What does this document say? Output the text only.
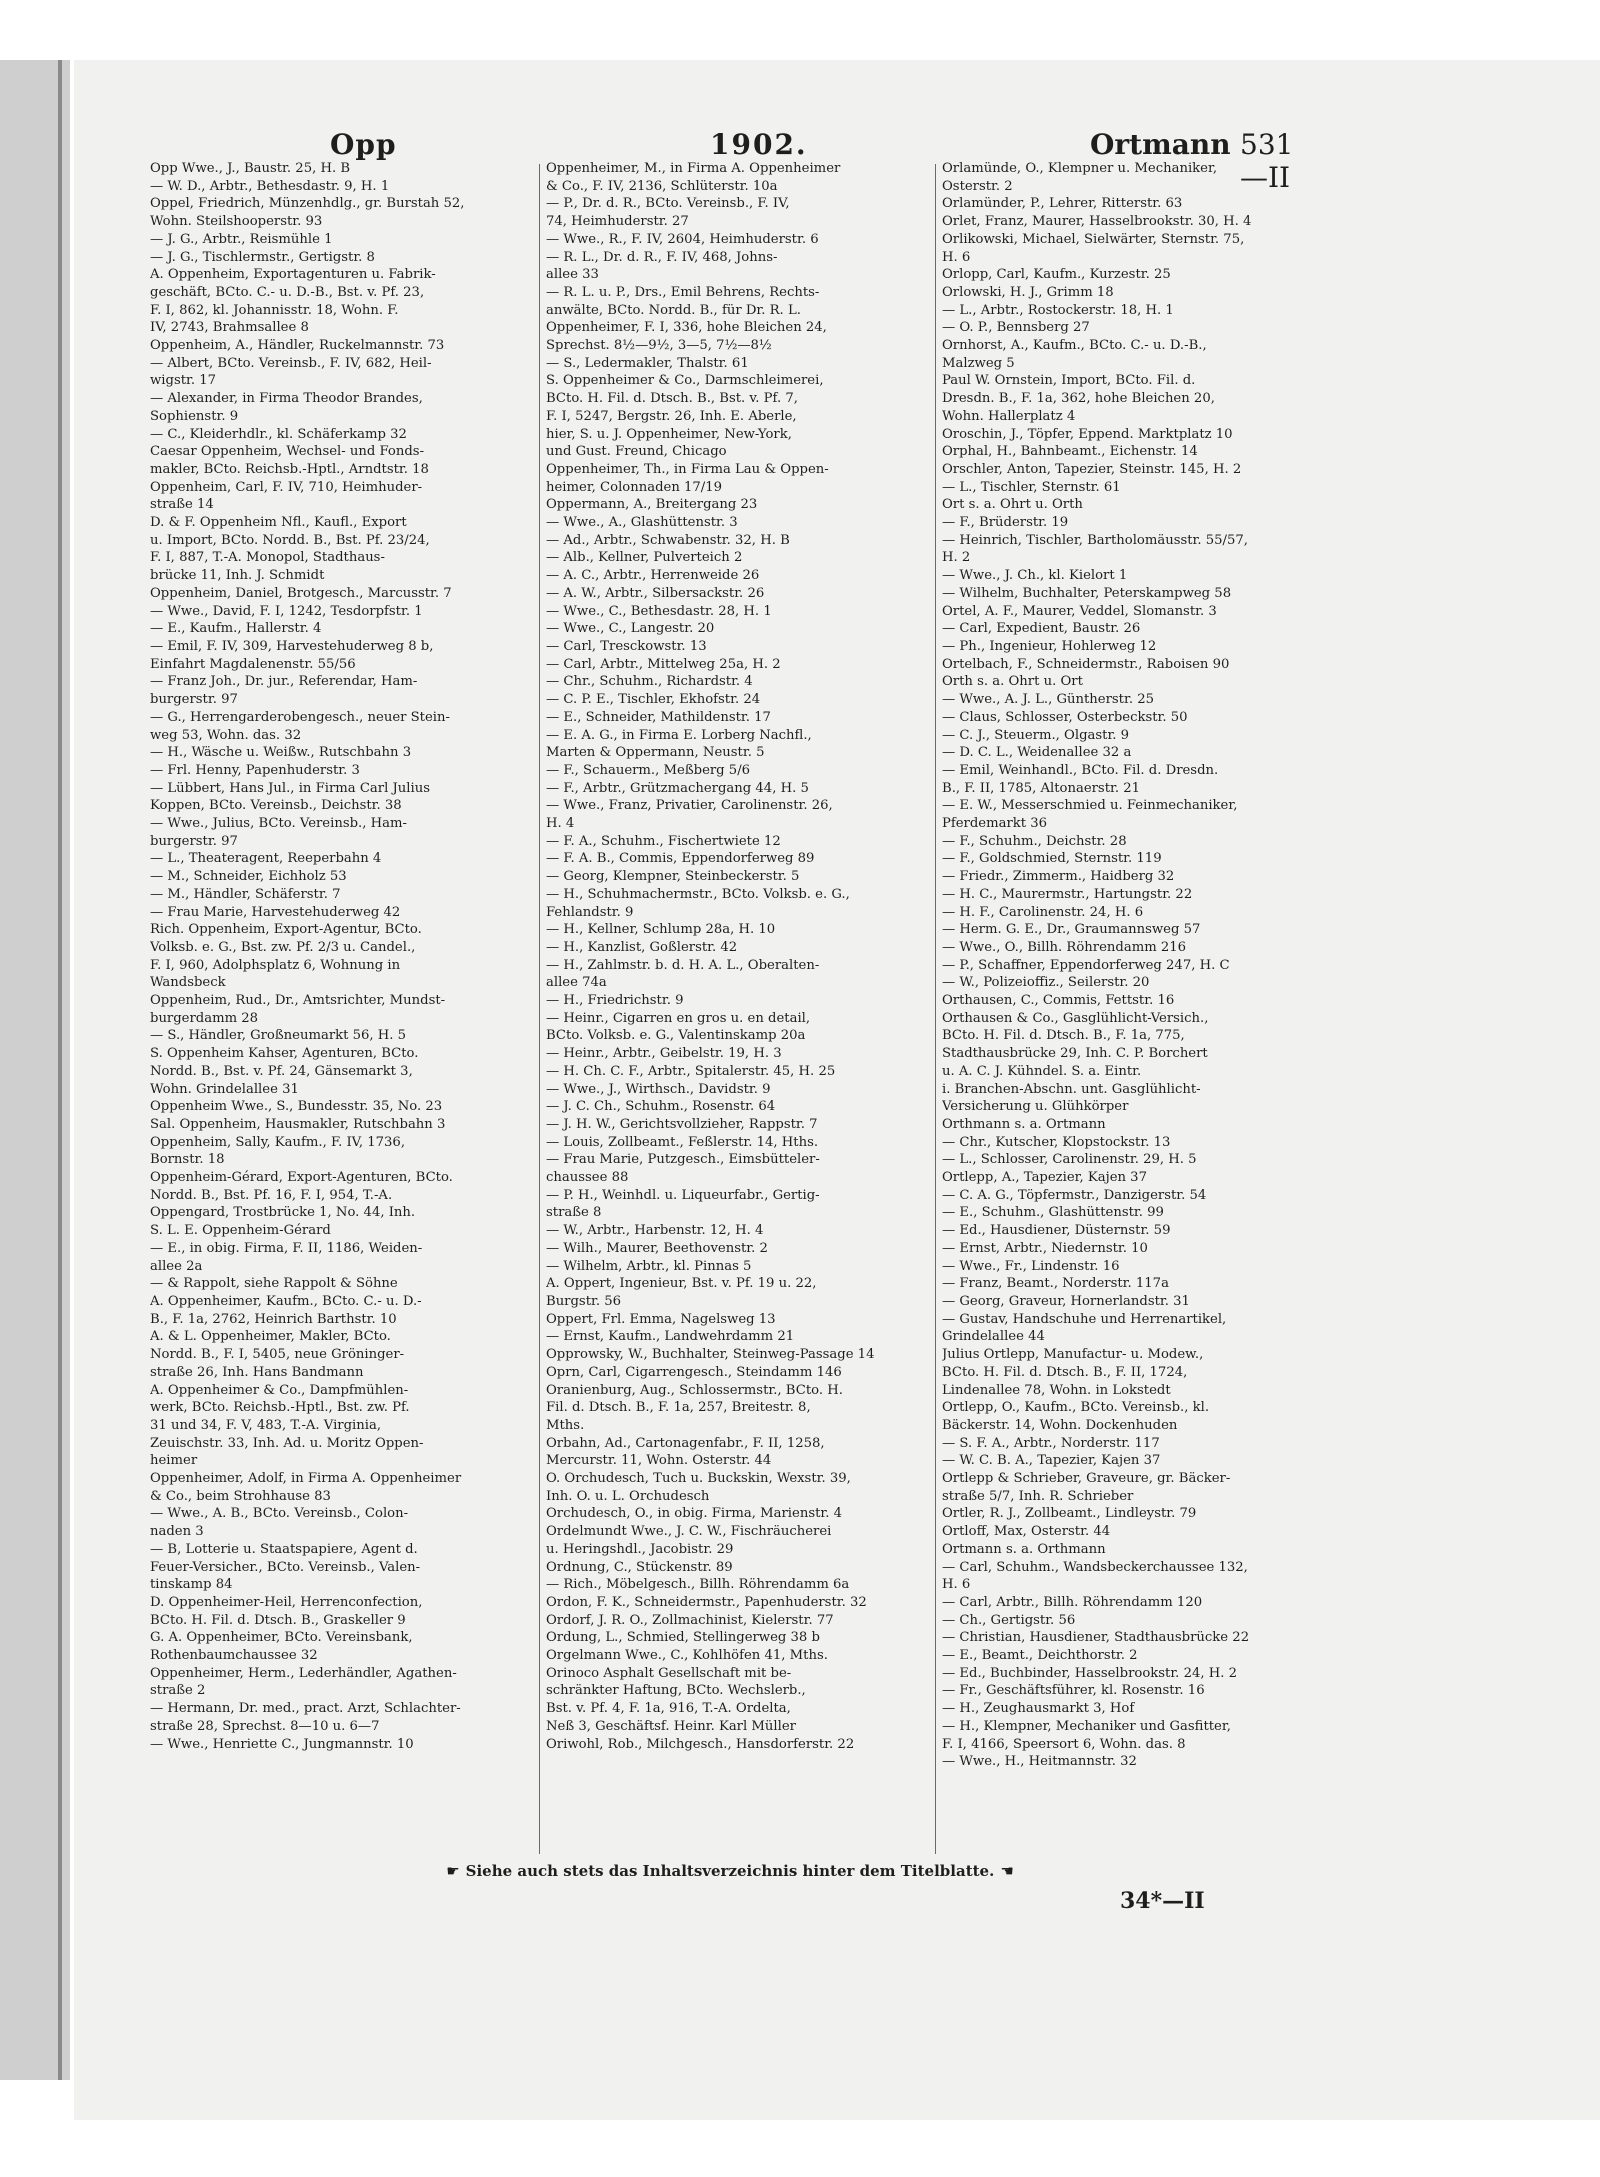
Opp	1902.	Ortmann 531—II
Opp Wwe., J., Baustr. 25, H. B
— W. D., Arbtr., Bethesdastr. 9, H. 1
Oppel, Friedrich, Münzenhdlg., gr. Burstah 52,
Wohn. Steilshooperstr. 93
— J. G., Arbtr., Reismühle 1
— J. G., Tischlermstr., Gertigstr. 8
A. Oppenheim, Exportagenturen u. Fabrik-
geschäft, BCto. C.- u. D.-B., Bst. v. Pf. 23,
F. I, 862, kl. Johannisstr. 18, Wohn. F.
IV, 2743, Brahmsallee 8
Oppenheim, A., Händler, Ruckelmannstr. 73
— Albert, BCto. Vereinsb., F. IV, 682, Heil-
wigstr. 17
— Alexander, in Firma Theodor Brandes,
Sophienstr. 9
— C., Kleiderhdlr., kl. Schäferkamp 32
Caesar Oppenheim, Wechsel- und Fonds-
makler, BCto. Reichsb.-Hptl., Arndtstr. 18
Oppenheim, Carl, F. IV, 710, Heimhuder-
straße 14
D. & F. Oppenheim Nfl., Kaufl., Export
u. Import, BCto. Nordd. B., Bst. Pf. 23/24,
F. I, 887, T.-A. Monopol, Stadthaus-
brücke 11, Inh. J. Schmidt
Oppenheim, Daniel, Brotgesch., Marcusstr. 7
— Wwe., David, F. I, 1242, Tesdorpfstr. 1
— E., Kaufm., Hallerstr. 4
— Emil, F. IV, 309, Harvestehuderweg 8 b,
Einfahrt Magdalenenstr. 55/56
— Franz Joh., Dr. jur., Referendar, Ham-
burgerstr. 97
— G., Herrengarderobengesch., neuer Stein-
weg 53, Wohn. das. 32
— H., Wäsche u. Weißw., Rutschbahn 3
— Frl. Henny, Papenhuderstr. 3
— Lübbert, Hans Jul., in Firma Carl Julius
Koppen, BCto. Vereinsb., Deichstr. 38
— Wwe., Julius, BCto. Vereinsb., Ham-
burgerstr. 97
— L., Theateragent, Reeperbahn 4
— M., Schneider, Eichholz 53
— M., Händler, Schäferstr. 7
— Frau Marie, Harvestehuderweg 42
Rich. Oppenheim, Export-Agentur, BCto.
Volksb. e. G., Bst. zw. Pf. 2/3 u. Candel.,
F. I, 960, Adolphsplatz 6, Wohnung in
Wandsbeck
Oppenheim, Rud., Dr., Amtsrichter, Mundst-
burgerdamm 28
— S., Händler, Großneumarkt 56, H. 5
S. Oppenheim Kahser, Agenturen, BCto.
Nordd. B., Bst. v. Pf. 24, Gänsemarkt 3,
Wohn. Grindelallee 31
Oppenheim Wwe., S., Bundesstr. 35, No. 23
Sal. Oppenheim, Hausmakler, Rutschbahn 3
Oppenheim, Sally, Kaufm., F. IV, 1736,
Bornstr. 18
Oppenheim-Gérard, Export-Agenturen, BCto.
Nordd. B., Bst. Pf. 16, F. I, 954, T.-A.
Oppengard, Trostbrücke 1, No. 44, Inh.
S. L. E. Oppenheim-Gérard
— E., in obig. Firma, F. II, 1186, Weiden-
allee 2a
— & Rappolt, siehe Rappolt & Söhne
A. Oppenheimer, Kaufm., BCto. C.- u. D.-
B., F. 1a, 2762, Heinrich Barthstr. 10
A. & L. Oppenheimer, Makler, BCto.
Nordd. B., F. I, 5405, neue Gröninger-
straße 26, Inh. Hans Bandmann
A. Oppenheimer & Co., Dampfmühlen-
werk, BCto. Reichsb.-Hptl., Bst. zw. Pf.
31 und 34, F. V, 483, T.-A. Virginia,
Zeuischstr. 33, Inh. Ad. u. Moritz Oppen-
heimer
Oppenheimer, Adolf, in Firma A. Oppenheimer
& Co., beim Strohhause 83
— Wwe., A. B., BCto. Vereinsb., Colon-
naden 3
— B, Lotterie u. Staatspapiere, Agent d.
Feuer-Versicher., BCto. Vereinsb., Valen-
tinskamp 84
D. Oppenheimer-Heil, Herrenconfection,
BCto. H. Fil. d. Dtsch. B., Graskeller 9
G. A. Oppenheimer, BCto. Vereinsbank,
Rothenbaumchaussee 32
Oppenheimer, Herm., Lederhändler, Agathen-
straße 2
— Hermann, Dr. med., pract. Arzt, Schlachter-
straße 28, Sprechst. 8—10 u. 6—7
— Wwe., Henriette C., Jungmannstr. 10
Oppenheimer, M., in Firma A. Oppenheimer
& Co., F. IV, 2136, Schlüterstr. 10a
— P., Dr. d. R., BCto. Vereinsb., F. IV,
74, Heimhuderstr. 27
— Wwe., R., F. IV, 2604, Heimhuderstr. 6
— R. L., Dr. d. R., F. IV, 468, Johns-
allee 33
— R. L. u. P., Drs., Emil Behrens, Rechts-
anwälte, BCto. Nordd. B., für Dr. R. L.
Oppenheimer, F. I, 336, hohe Bleichen 24,
Sprechst. 8½—9½, 3—5, 7½—8½
— S., Ledermakler, Thalstr. 61
S. Oppenheimer & Co., Darmschleimerei,
BCto. H. Fil. d. Dtsch. B., Bst. v. Pf. 7,
F. I, 5247, Bergstr. 26, Inh. E. Aberle,
hier, S. u. J. Oppenheimer, New-York,
und Gust. Freund, Chicago
Oppenheimer, Th., in Firma Lau & Oppen-
heimer, Colonnaden 17/19
Oppermann, A., Breitergang 23
— Wwe., A., Glashüttenstr. 3
— Ad., Arbtr., Schwabenstr. 32, H. B
— Alb., Kellner, Pulverteich 2
— A. C., Arbtr., Herrenweide 26
— A. W., Arbtr., Silbersackstr. 26
— Wwe., C., Bethesdastr. 28, H. 1
— Wwe., C., Langestr. 20
— Carl, Tresckowstr. 13
— Carl, Arbtr., Mittelweg 25a, H. 2
— Chr., Schuhm., Richardstr. 4
— C. P. E., Tischler, Ekhofstr. 24
— E., Schneider, Mathildenstr. 17
— E. A. G., in Firma E. Lorberg Nachfl.,
Marten & Oppermann, Neustr. 5
— F., Schauerm., Meßberg 5/6
— F., Arbtr., Grützmachergang 44, H. 5
— Wwe., Franz, Privatier, Carolinenstr. 26,
H. 4
— F. A., Schuhm., Fischertwiete 12
— F. A. B., Commis, Eppendorferweg 89
— Georg, Klempner, Steinbeckerstr. 5
— H., Schuhmachermstr., BCto. Volksb. e. G.,
Fehlandstr. 9
— H., Kellner, Schlump 28a, H. 10
— H., Kanzlist, Goßlerstr. 42
— H., Zahlmstr. b. d. H. A. L., Oberalten-
allee 74a
— H., Friedrichstr. 9
— Heinr., Cigarren en gros u. en detail,
BCto. Volksb. e. G., Valentinskamp 20a
— Heinr., Arbtr., Geibelstr. 19, H. 3
— H. Ch. C. F., Arbtr., Spitalerstr. 45, H. 25
— Wwe., J., Wirthsch., Davidstr. 9
— J. C. Ch., Schuhm., Rosenstr. 64
— J. H. W., Gerichtsvollzieher, Rappstr. 7
— Louis, Zollbeamt., Feßlerstr. 14, Hths.
— Frau Marie, Putzgesch., Eimsbütteler-
chaussee 88
— P. H., Weinhdl. u. Liqueurfabr., Gertig-
straße 8
— W., Arbtr., Harbenstr. 12, H. 4
— Wilh., Maurer, Beethovenstr. 2
— Wilhelm, Arbtr., kl. Pinnas 5
A. Oppert, Ingenieur, Bst. v. Pf. 19 u. 22,
Burgstr. 56
Oppert, Frl. Emma, Nagelsweg 13
— Ernst, Kaufm., Landwehrdamm 21
Opprowsky, W., Buchhalter, Steinweg-Passage 14
Oprn, Carl, Cigarrengesch., Steindamm 146
Oranienburg, Aug., Schlossermstr., BCto. H.
Fil. d. Dtsch. B., F. 1a, 257, Breitestr. 8,
Mths.
Orbahn, Ad., Cartonagenfabr., F. II, 1258,
Mercurstr. 11, Wohn. Osterstr. 44
O. Orchudesch, Tuch u. Buckskin, Wexstr. 39,
Inh. O. u. L. Orchudesch
Orchudesch, O., in obig. Firma, Marienstr. 4
Ordelmundt Wwe., J. C. W., Fischräucherei
u. Heringshdl., Jacobistr. 29
Ordnung, C., Stückenstr. 89
— Rich., Möbelgesch., Billh. Röhrendamm 6a
Ordon, F. K., Schneidermstr., Papenhuderstr. 32
Ordorf, J. R. O., Zollmachinist, Kielerstr. 77
Ordung, L., Schmied, Stellingerweg 38 b
Orgelmann Wwe., C., Kohlhöfen 41, Mths.
Orinoco Asphalt Gesellschaft mit be-
schränkter Haftung, BCto. Wechslerb.,
Bst. v. Pf. 4, F. 1a, 916, T.-A. Ordelta,
Neß 3, Geschäftsf. Heinr. Karl Müller
Oriwohl, Rob., Milchgesch., Hansdorferstr. 22
Orlamünde, O., Klempner u. Mechaniker,
Osterstr. 2
Orlamünder, P., Lehrer, Ritterstr. 63
Orlet, Franz, Maurer, Hasselbrookstr. 30, H. 4
Orlikowski, Michael, Sielwärter, Sternstr. 75,
H. 6
Orlopp, Carl, Kaufm., Kurzestr. 25
Orlowski, H. J., Grimm 18
— L., Arbtr., Rostockerstr. 18, H. 1
— O. P., Bennsberg 27
Ornhorst, A., Kaufm., BCto. C.- u. D.-B.,
Malzweg 5
Paul W. Ornstein, Import, BCto. Fil. d.
Dresdn. B., F. 1a, 362, hohe Bleichen 20,
Wohn. Hallerplatz 4
Oroschin, J., Töpfer, Eppend. Marktplatz 10
Orphal, H., Bahnbeamt., Eichenstr. 14
Orschler, Anton, Tapezier, Steinstr. 145, H. 2
— L., Tischler, Sternstr. 61
Ort s. a. Ohrt u. Orth
— F., Brüderstr. 19
— Heinrich, Tischler, Bartholomäusstr. 55/57,
H. 2
— Wwe., J. Ch., kl. Kielort 1
— Wilhelm, Buchhalter, Peterskampweg 58
Ortel, A. F., Maurer, Veddel, Slomanstr. 3
— Carl, Expedient, Baustr. 26
— Ph., Ingenieur, Hohlerweg 12
Ortelbach, F., Schneidermstr., Raboisen 90
Orth s. a. Ohrt u. Ort
— Wwe., A. J. L., Güntherstr. 25
— Claus, Schlosser, Osterbeckstr. 50
— C. J., Steuerm., Olgastr. 9
— D. C. L., Weidenallee 32 a
— Emil, Weinhandl., BCto. Fil. d. Dresdn.
B., F. II, 1785, Altonaerstr. 21
— E. W., Messerschmied u. Feinmechaniker,
Pferdemarkt 36
— F., Schuhm., Deichstr. 28
— F., Goldschmied, Sternstr. 119
— Friedr., Zimmerm., Haidberg 32
— H. C., Maurermstr., Hartungstr. 22
— H. F., Carolinenstr. 24, H. 6
— Herm. G. E., Dr., Graumannsweg 57
— Wwe., O., Billh. Röhrendamm 216
— P., Schaffner, Eppendorferweg 247, H. C
— W., Polizeioffiz., Seilerstr. 20
Orthausen, C., Commis, Fettstr. 16
Orthausen & Co., Gasglühlicht-Versich.,
BCto. H. Fil. d. Dtsch. B., F. 1a, 775,
Stadthausbrücke 29, Inh. C. P. Borchert
u. A. C. J. Kühndel. S. a. Eintr.
i. Branchen-Abschn. unt. Gasglühlicht-
Versicherung u. Glühkörper
Orthmann s. a. Ortmann
— Chr., Kutscher, Klopstockstr. 13
— L., Schlosser, Carolinenstr. 29, H. 5
Ortlepp, A., Tapezier, Kajen 37
— C. A. G., Töpfermstr., Danzigerstr. 54
— E., Schuhm., Glashüttenstr. 99
— Ed., Hausdiener, Düsternstr. 59
— Ernst, Arbtr., Niedernstr. 10
— Wwe., Fr., Lindenstr. 16
— Franz, Beamt., Norderstr. 117a
— Georg, Graveur, Hornerlandstr. 31
— Gustav, Handschuhe und Herrenartikel,
Grindelallee 44
Julius Ortlepp, Manufactur- u. Modew.,
BCto. H. Fil. d. Dtsch. B., F. II, 1724,
Lindenallee 78, Wohn. in Lokstedt
Ortlepp, O., Kaufm., BCto. Vereinsb., kl.
Bäckerstr. 14, Wohn. Dockenhuden
— S. F. A., Arbtr., Norderstr. 117
— W. C. B. A., Tapezier, Kajen 37
Ortlepp & Schrieber, Graveure, gr. Bäcker-
straße 5/7, Inh. R. Schrieber
Ortler, R. J., Zollbeamt., Lindleystr. 79
Ortloff, Max, Osterstr. 44
Ortmann s. a. Orthmann
— Carl, Schuhm., Wandsbeckerchaussee 132,
H. 6
— Carl, Arbtr., Billh. Röhrendamm 120
— Ch., Gertigstr. 56
— Christian, Hausdiener, Stadthausbrücke 22
— E., Beamt., Deichthorstr. 2
— Ed., Buchbinder, Hasselbrookstr. 24, H. 2
— Fr., Geschäftsführer, kl. Rosenstr. 16
— H., Zeughausmarkt 3, Hof
— H., Klempner, Mechaniker und Gasfitter,
F. I, 4166, Speersort 6, Wohn. das. 8
— Wwe., H., Heitmannstr. 32
☛ Siehe auch stets das Inhaltsverzeichnis hinter dem Titelblatte. ☚
34*—II
